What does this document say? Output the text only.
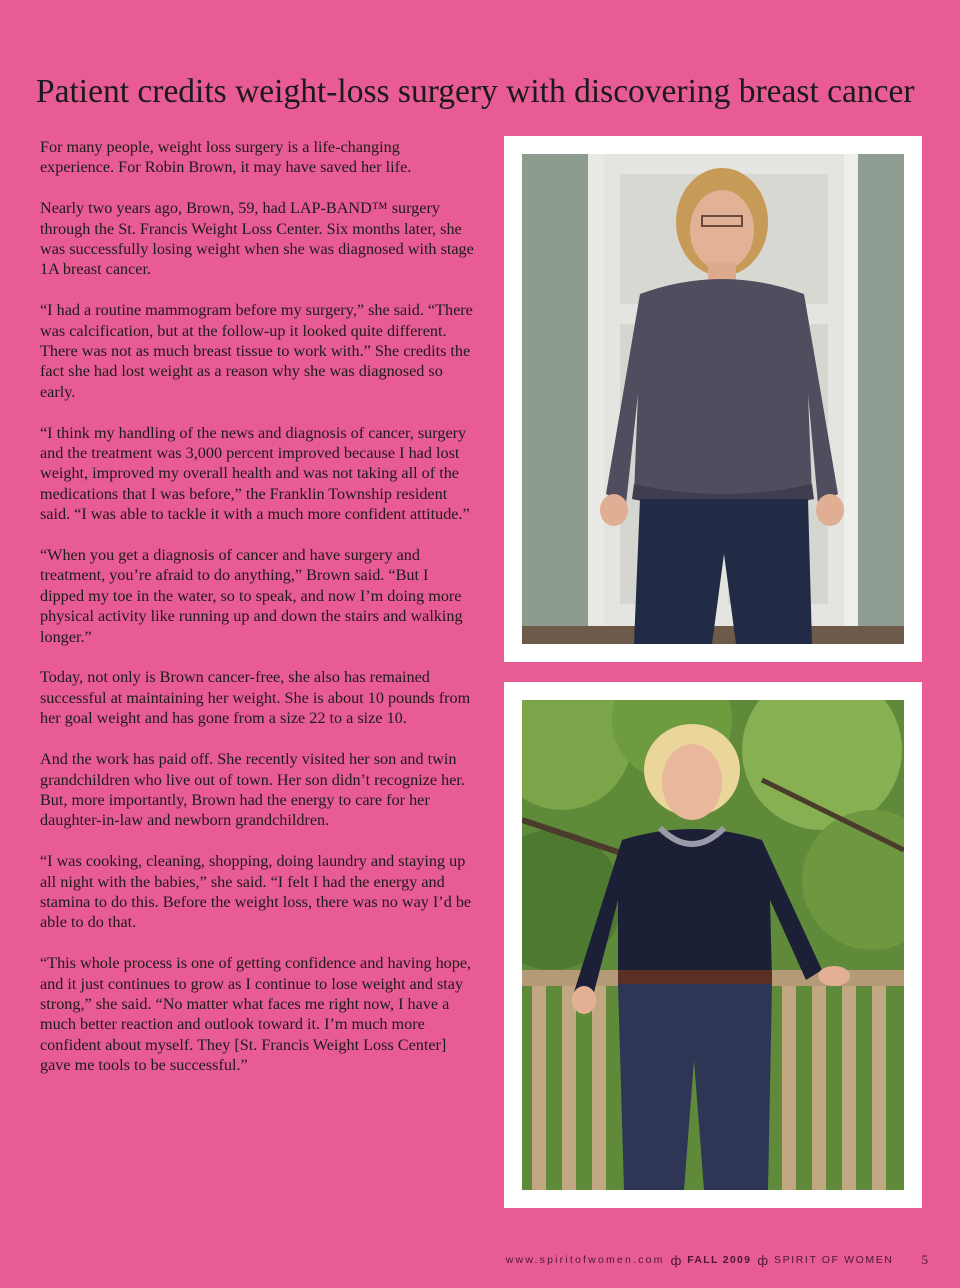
Patient credits weight-loss surgery with discovering breast cancer

For many people, weight loss surgery is a life-changing experience. For Robin Brown, it may have saved her life.

Nearly two years ago, Brown, 59, had LAP-BAND™ surgery through the St. Francis Weight Loss Center. Six months later, she was successfully losing weight when she was diagnosed with stage 1A breast cancer.

“I had a routine mammogram before my surgery,” she said. “There was calcification, but at the follow-up it looked quite different. There was not as much breast tissue to work with.” She credits the fact she had lost weight as a reason why she was diagnosed so early.

“I think my handling of the news and diagnosis of cancer, surgery and the treatment was 3,000 percent improved because I had lost weight, improved my overall health and was not taking all of the medications that I was before,” the Franklin Township resident said. “I was able to tackle it with a much more confident attitude.”

“When you get a diagnosis of cancer and have surgery and treatment, you’re afraid to do anything,” Brown said. “But I dipped my toe in the water, so to speak, and now I’m doing more physical activity like running up and down the stairs and walking longer.”

Today, not only is Brown cancer-free, she also has remained successful at maintaining her weight. She is about 10 pounds from her goal weight and has gone from a size 22 to a size 10.

And the work has paid off. She recently visited her son and twin grandchildren who live out of town. Her son didn’t recognize her. But, more importantly, Brown had the energy to care for her daughter-in-law and newborn grandchildren.

“I was cooking, cleaning, shopping, doing laundry and staying up all night with the babies,” she said. “I felt I had the energy and stamina to do this. Before the weight loss, there was no way I’d be able to do that.

“This whole process is one of getting confidence and having hope, and it just continues to grow as I continue to lose weight and stay strong,” she said. “No matter what faces me right now, I have a much better reaction and outlook toward it. I’m much more confident about myself. They [St. Francis Weight Loss Center] gave me tools to be successful.”

www.spiritofwomen.com ф FALL 2009 ф SPIRIT OF WOMEN 5
